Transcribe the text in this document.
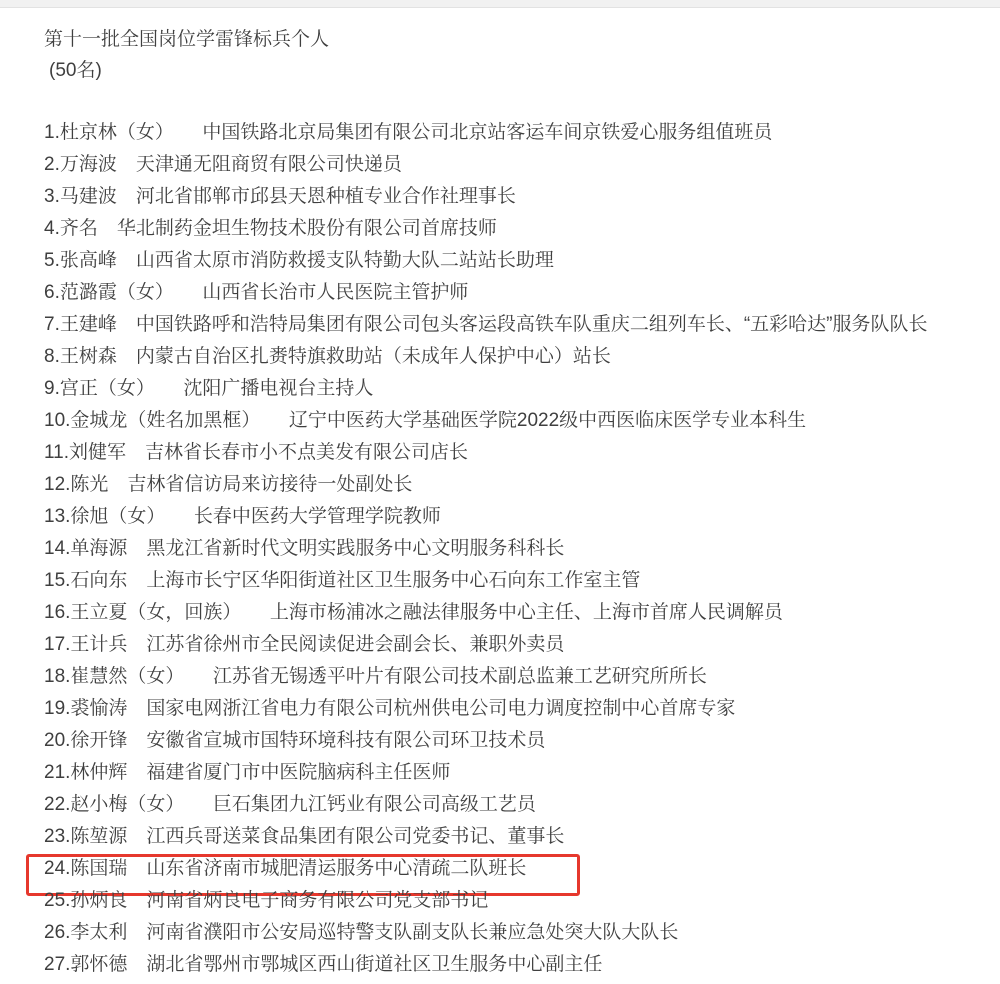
第十一批全国岗位学雷锋标兵个人
(50名)
1.杜京林（女）　　中国铁路北京局集团有限公司北京站客运车间京铁爱心服务组值班员
2.万海波　天津通无阻商贸有限公司快递员
3.马建波　河北省邯郸市邱县天恩种植专业合作社理事长
4.齐名　华北制药金坦生物技术股份有限公司首席技师
5.张高峰　山西省太原市消防救援支队特勤大队二站站长助理
6.范潞霞（女）　　山西省长治市人民医院主管护师
7.王建峰　中国铁路呼和浩特局集团有限公司包头客运段高铁车队重庆二组列车长、“五彩哈达”服务队队长
8.王树森　内蒙古自治区扎赉特旗救助站（未成年人保护中心）站长
9.宫正（女）　　沈阳广播电视台主持人
10.金城龙（姓名加黑框）　　辽宁中医药大学基础医学院2022级中西医临床医学专业本科生
11.刘健军　吉林省长春市小不点美发有限公司店长
12.陈光　吉林省信访局来访接待一处副处长
13.徐旭（女）　　长春中医药大学管理学院教师
14.单海源　黑龙江省新时代文明实践服务中心文明服务科科长
15.石向东　上海市长宁区华阳街道社区卫生服务中心石向东工作室主管
16.王立夏（女，回族）　　上海市杨浦冰之融法律服务中心主任、上海市首席人民调解员
17.王计兵　江苏省徐州市全民阅读促进会副会长、兼职外卖员
18.崔慧然（女）　　江苏省无锡透平叶片有限公司技术副总监兼工艺研究所所长
19.裘愉涛　国家电网浙江省电力有限公司杭州供电公司电力调度控制中心首席专家
20.徐开锋　安徽省宣城市国特环境科技有限公司环卫技术员
21.林仲辉　福建省厦门市中医院脑病科主任医师
22.赵小梅（女）　　巨石集团九江钙业有限公司高级工艺员
23.陈堃源　江西兵哥送菜食品集团有限公司党委书记、董事长
24.陈国瑞　山东省济南市城肥清运服务中心清疏二队班长
25.孙炳良　河南省炳良电子商务有限公司党支部书记
26.李太利　河南省濮阳市公安局巡特警支队副支队长兼应急处突大队大队长
27.郭怀德　湖北省鄂州市鄂城区西山街道社区卫生服务中心副主任
